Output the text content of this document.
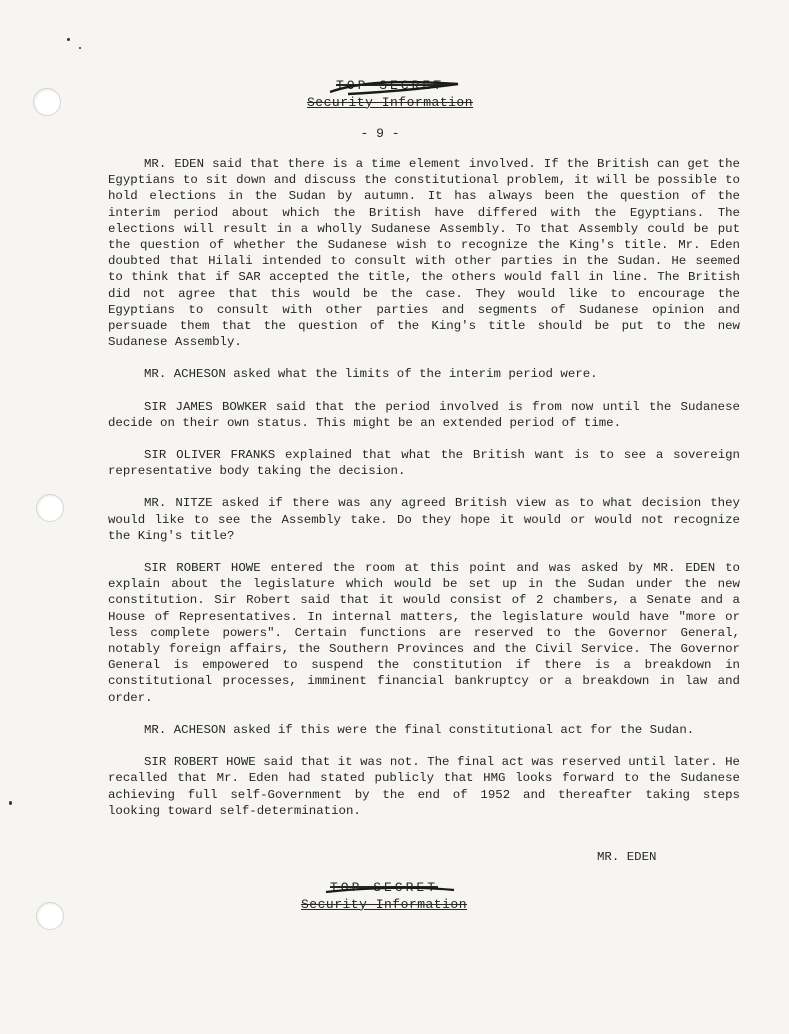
TOP SECRET
Security Information
- 9 -

MR. EDEN said that there is a time element involved. If the British can get the Egyptians to sit down and discuss the constitutional problem, it will be possible to hold elections in the Sudan by autumn. It has always been the question of the interim period about which the British have differed with the Egyptians. The elections will result in a wholly Sudanese Assembly. To that Assembly could be put the question of whether the Sudanese wish to recognize the King's title. Mr. Eden doubted that Hilali intended to consult with other parties in the Sudan. He seemed to think that if SAR accepted the title, the others would fall in line. The British did not agree that this would be the case. They would like to encourage the Egyptians to consult with other parties and segments of Sudanese opinion and persuade them that the question of the King's title should be put to the new Sudanese Assembly.

MR. ACHESON asked what the limits of the interim period were.

SIR JAMES BOWKER said that the period involved is from now until the Sudanese decide on their own status. This might be an extended period of time.

SIR OLIVER FRANKS explained that what the British want is to see a sovereign representative body taking the decision.

MR. NITZE asked if there was any agreed British view as to what decision they would like to see the Assembly take. Do they hope it would or would not recognize the King's title?

SIR ROBERT HOWE entered the room at this point and was asked by MR. EDEN to explain about the legislature which would be set up in the Sudan under the new constitution. Sir Robert said that it would consist of 2 chambers, a Senate and a House of Representatives. In internal matters, the legislature would have "more or less complete powers". Certain functions are reserved to the Governor General, notably foreign affairs, the Southern Provinces and the Civil Service. The Governor General is empowered to suspend the constitution if there is a breakdown in constitutional processes, imminent financial bankruptcy or a breakdown in law and order.

MR. ACHESON asked if this were the final constitutional act for the Sudan.

SIR ROBERT HOWE said that it was not. The final act was reserved until later. He recalled that Mr. Eden had stated publicly that HMG looks forward to the Sudanese achieving full self-Government by the end of 1952 and thereafter taking steps looking toward self-determination.

MR. EDEN
TOP SECRET
Security Information
